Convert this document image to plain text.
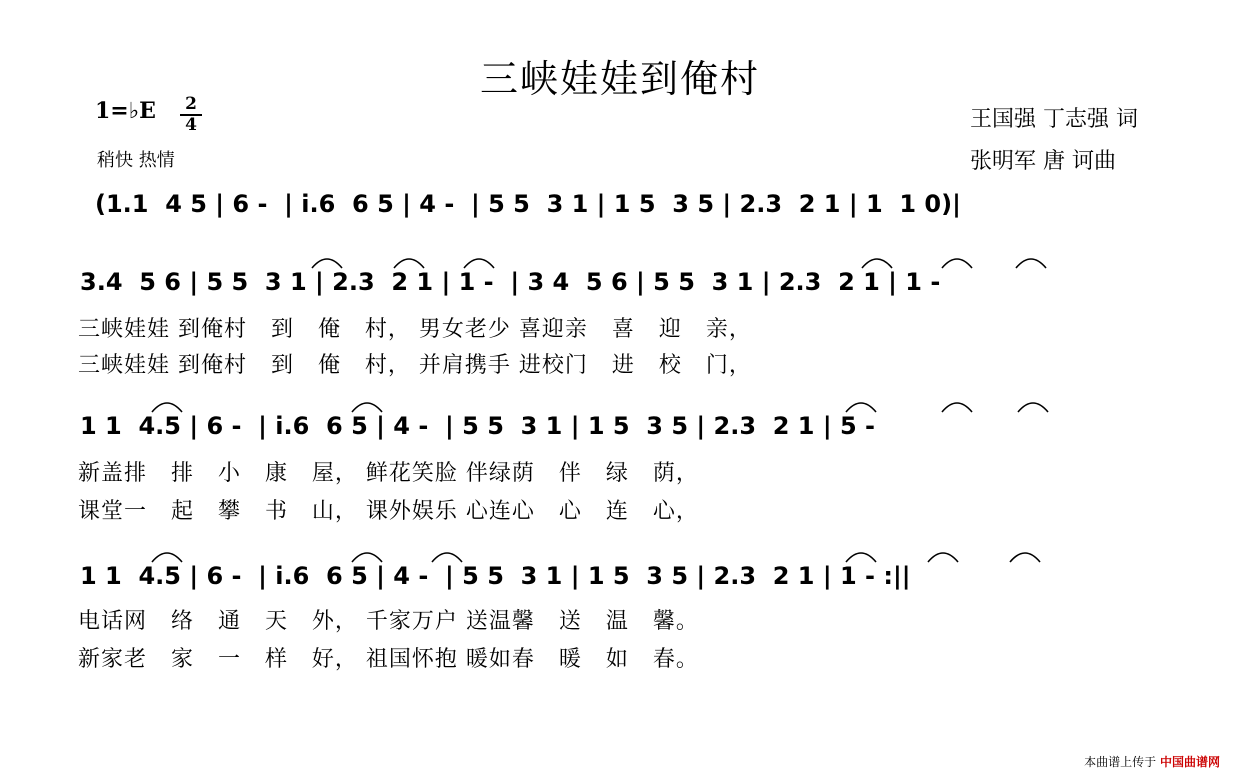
三峡娃娃到俺村
1=♭E 2
4
稍快 热情
王国强 丁志强 词
张明军 唐 诃曲
(1.1  4 5 | 6 -  | i.6  6 5 | 4 -  | 5 5  3 1 | 1 5  3 5 | 2.3  2 1 | 1  1 0)|
3.4  5 6 | 5 5  3 1 | 2.3  2 1 | 1 -  | 3 4  5 6 | 5 5  3 1 | 2.3  2 1 | 1 -
三峡娃娃 到俺村   到   俺   村， 男女老少 喜迎亲   喜   迎   亲，
三峡娃娃 到俺村   到   俺   村， 并肩携手 进校门   进   校   门，
1 1  4.5 | 6 -  | i.6  6 5 | 4 -  | 5 5  3 1 | 1 5  3 5 | 2.3  2 1 | 5 -
新盖排   排   小   康   屋， 鲜花笑脸 伴绿荫   伴   绿   荫，
课堂一   起   攀   书   山， 课外娱乐 心连心   心   连   心，
1 1  4.5 | 6 -  | i.6  6 5 | 4 -  | 5 5  3 1 | 1 5  3 5 | 2.3  2 1 | 1 - :||
电话网   络   通   天   外， 千家万户 送温馨   送   温   馨。
新家老   家   一   样   好， 祖国怀抱 暖如春   暖   如   春。
本曲谱上传于 中国曲谱网
